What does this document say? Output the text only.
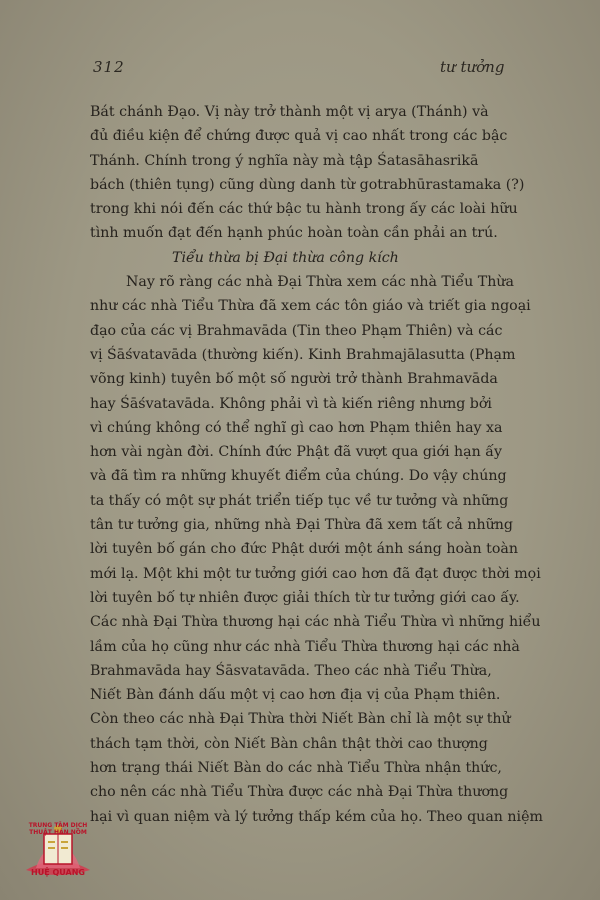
312	tư tưởng
Bát chánh Đạo. Vị này trở thành một vị arya (Thánh) và
đủ điều kiện để chứng được quả vị cao nhất trong các bậc
Thánh. Chính trong ý nghĩa này mà tập Śatasāhasrikā
bách (thiên tụng) cũng dùng danh từ gotrabhūrastamaka (?)
trong khi nói đến các thứ bậc tu hành trong ấy các loài hữu
tình muốn đạt đến hạnh phúc hoàn toàn cần phải an trú.
Tiểu thừa bị Đại thừa công kích
Nay rõ ràng các nhà Đại Thừa xem các nhà Tiểu Thừa
như các nhà Tiểu Thừa đã xem các tôn giáo và triết gia ngoại
đạo của các vị Brahmavāda (Tin theo Phạm Thiên) và các
vị Śāśvatavāda (thường kiến). Kinh Brahmajālasutta (Phạm
võng kinh) tuyên bố một số người trở thành Brahmavāda
hay Śāśvatavāda. Không phải vì tà kiến riêng nhưng bởi
vì chúng không có thể nghĩ gì cao hơn Phạm thiên hay xa
hơn vài ngàn đời. Chính đức Phật đã vượt qua giới hạn ấy
và đã tìm ra những khuyết điểm của chúng. Do vậy chúng
ta thấy có một sự phát triển tiếp tục về tư tưởng và những
tân tư tưởng gia, những nhà Đại Thừa đã xem tất cả những
lời tuyên bố gán cho đức Phật dưới một ánh sáng hoàn toàn
mới lạ. Một khi một tư tưởng giới cao hơn đã đạt được thời mọi
lời tuyên bố tự nhiên được giải thích từ tư tưởng giới cao ấy.
Các nhà Đại Thừa thương hại các nhà Tiểu Thừa vì những hiểu
lầm của họ cũng như các nhà Tiểu Thừa thương hại các nhà
Brahmavāda hay Śāsvatavāda. Theo các nhà Tiểu Thừa,
Niết Bàn đánh dấu một vị cao hơn địa vị của Phạm thiên.
Còn theo các nhà Đại Thừa thời Niết Bàn chỉ là một sự thử
thách tạm thời, còn Niết Bàn chân thật thời cao thượng
hơn trạng thái Niết Bàn do các nhà Tiểu Thừa nhận thức,
cho nên các nhà Tiểu Thừa được các nhà Đại Thừa thương
hại vì quan niệm và lý tưởng thấp kém của họ. Theo quan niệm
TRUNG TÂM DỊCH THUẬT HÁN NÔM
HUỆ QUANG
